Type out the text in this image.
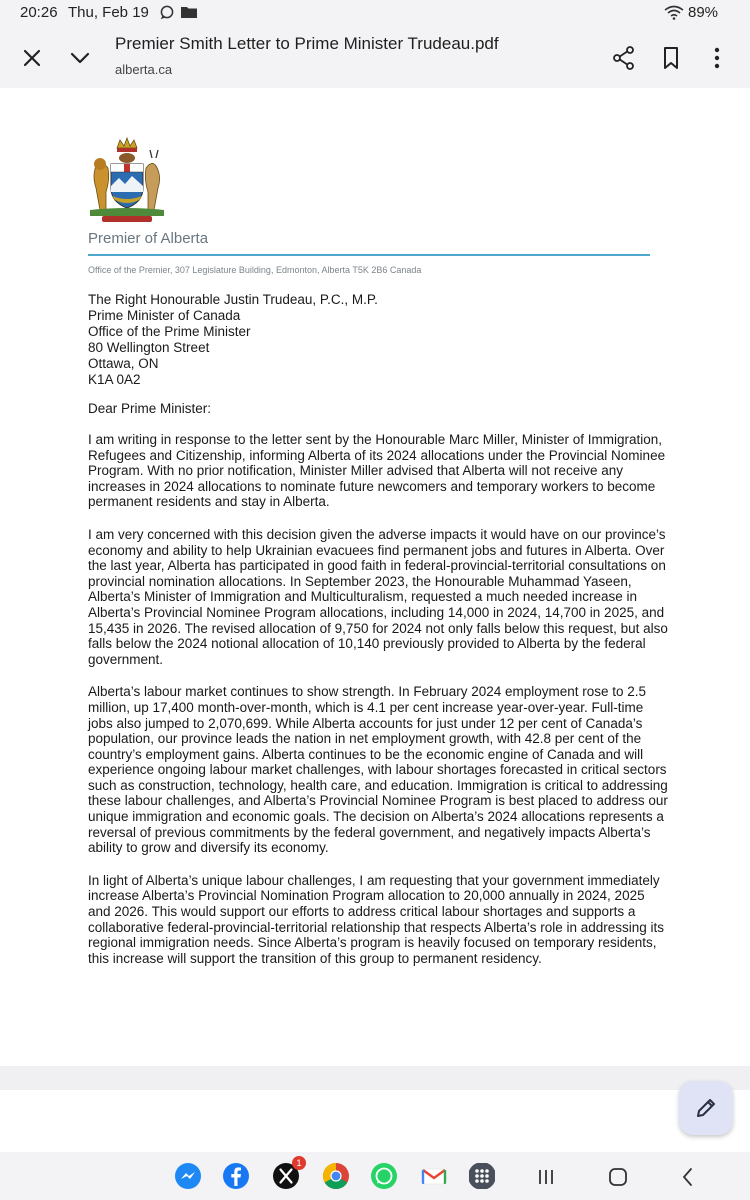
20:26 Thu, Feb 19	89%
Premier Smith Letter to Prime Minister Trudeau.pdf
alberta.ca
Premier of Alberta
Office of the Premier, 307 Legislature Building, Edmonton, Alberta T5K 2B6 Canada
The Right Honourable Justin Trudeau, P.C., M.P.
Prime Minister of Canada
Office of the Prime Minister
80 Wellington Street
Ottawa, ON
K1A 0A2
Dear Prime Minister:

I am writing in response to the letter sent by the Honourable Marc Miller, Minister of Immigration, Refugees and Citizenship, informing Alberta of its 2024 allocations under the Provincial Nominee Program. With no prior notification, Minister Miller advised that Alberta will not receive any increases in 2024 allocations to nominate future newcomers and temporary workers to become permanent residents and stay in Alberta.

I am very concerned with this decision given the adverse impacts it would have on our province’s economy and ability to help Ukrainian evacuees find permanent jobs and futures in Alberta. Over the last year, Alberta has participated in good faith in federal-provincial-territorial consultations on provincial nomination allocations. In September 2023, the Honourable Muhammad Yaseen, Alberta’s Minister of Immigration and Multiculturalism, requested a much needed increase in Alberta’s Provincial Nominee Program allocations, including 14,000 in 2024, 14,700 in 2025, and 15,435 in 2026. The revised allocation of 9,750 for 2024 not only falls below this request, but also falls below the 2024 notional allocation of 10,140 previously provided to Alberta by the federal government.

Alberta’s labour market continues to show strength. In February 2024 employment rose to 2.5 million, up 17,400 month-over-month, which is 4.1 per cent increase year-over-year. Full-time jobs also jumped to 2,070,699. While Alberta accounts for just under 12 per cent of Canada’s population, our province leads the nation in net employment growth, with 42.8 per cent of the country’s employment gains. Alberta continues to be the economic engine of Canada and will experience ongoing labour market challenges, with labour shortages forecasted in critical sectors such as construction, technology, health care, and education. Immigration is critical to addressing these labour challenges, and Alberta’s Provincial Nominee Program is best placed to address our unique immigration and economic goals. The decision on Alberta’s 2024 allocations represents a reversal of previous commitments by the federal government, and negatively impacts Alberta’s ability to grow and diversify its economy.

In light of Alberta’s unique labour challenges, I am requesting that your government immediately increase Alberta’s Provincial Nomination Program allocation to 20,000 annually in 2024, 2025 and 2026. This would support our efforts to address critical labour shortages and supports a collaborative federal-provincial-territorial relationship that respects Alberta’s role in addressing its regional immigration needs. Since Alberta’s program is heavily focused on temporary residents, this increase will support the transition of this group to permanent residency.

1
